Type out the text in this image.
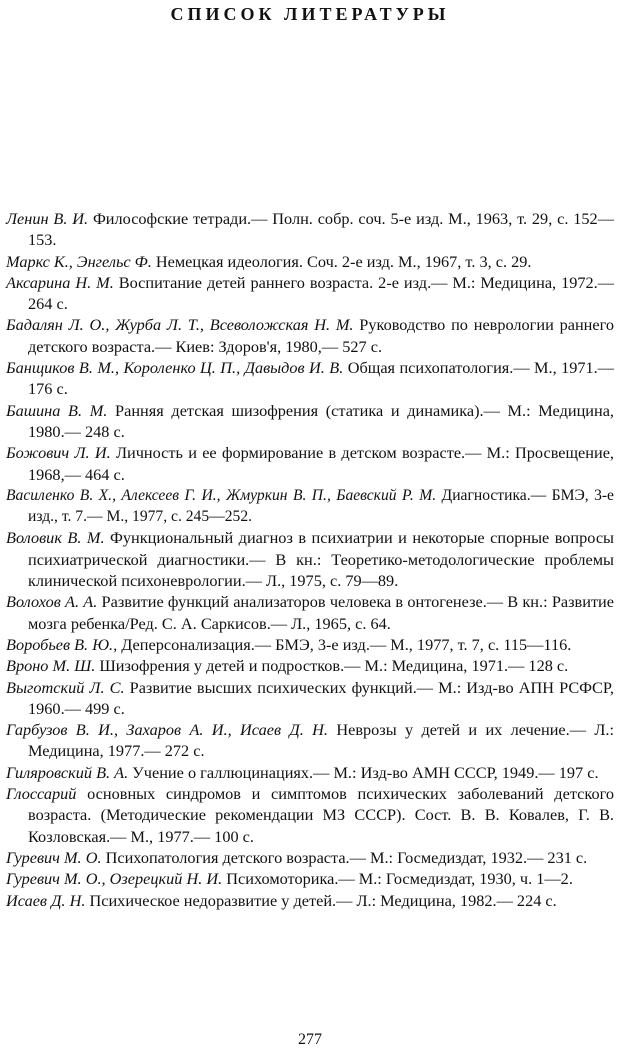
СПИСОК ЛИТЕРАТУРЫ
Ленин В. И. Философские тетради.— Полн. собр. соч. 5-е изд. М., 1963, т. 29, с. 152—153.
Маркс К., Энгельс Ф. Немецкая идеология. Соч. 2-е изд. М., 1967, т. 3, с. 29.
Аксарина Н. М. Воспитание детей раннего возраста. 2-е изд.— М.: Медицина, 1972.— 264 с.
Бадалян Л. О., Журба Л. Т., Всеволожская Н. М. Руководство по неврологии раннего детского возраста.— Киев: Здоров'я, 1980,— 527 с.
Банщиков В. М., Короленко Ц. П., Давыдов И. В. Общая психопатология.— М., 1971.— 176 с.
Башина В. М. Ранняя детская шизофрения (статика и динамика).— М.: Медицина, 1980.— 248 с.
Божович Л. И. Личность и ее формирование в детском возрасте.— М.: Просвещение, 1968,— 464 с.
Василенко В. Х., Алексеев Г. И., Жмуркин В. П., Баевский Р. М. Диагностика.— БМЭ, 3-е изд., т. 7.— М., 1977, с. 245—252.
Воловик В. М. Функциональный диагноз в психиатрии и некоторые спорные вопросы психиатрической диагностики.— В кн.: Теоретико-методологические проблемы клинической психоневрологии.— Л., 1975, с. 79—89.
Волохов А. А. Развитие функций анализаторов человека в онтогенезе.— В кн.: Развитие мозга ребенка/Ред. С. А. Саркисов.— Л., 1965, с. 64.
Воробьев В. Ю., Деперсонализация.— БМЭ, 3-е изд.— М., 1977, т. 7, с. 115—116.
Вроно М. Ш. Шизофрения у детей и подростков.— М.: Медицина, 1971.— 128 с.
Выготский Л. С. Развитие высших психических функций.— М.: Изд-во АПН РСФСР, 1960.— 499 с.
Гарбузов В. И., Захаров А. И., Исаев Д. Н. Неврозы у детей и их лечение.— Л.: Медицина, 1977.— 272 с.
Гиляровский В. А. Учение о галлюцинациях.— М.: Изд-во АМН СССР, 1949.— 197 с.
Глоссарий основных синдромов и симптомов психических заболеваний детского возраста. (Методические рекомендации МЗ СССР). Сост. В. В. Ковалев, Г. В. Козловская.— М., 1977.— 100 с.
Гуревич М. О. Психопатология детского возраста.— М.: Госмедиздат, 1932.— 231 с.
Гуревич М. О., Озерецкий Н. И. Психомоторика.— М.: Госмедиздат, 1930, ч. 1—2.
Исаев Д. Н. Психическое недоразвитие у детей.— Л.: Медицина, 1982.— 224 с.
277
